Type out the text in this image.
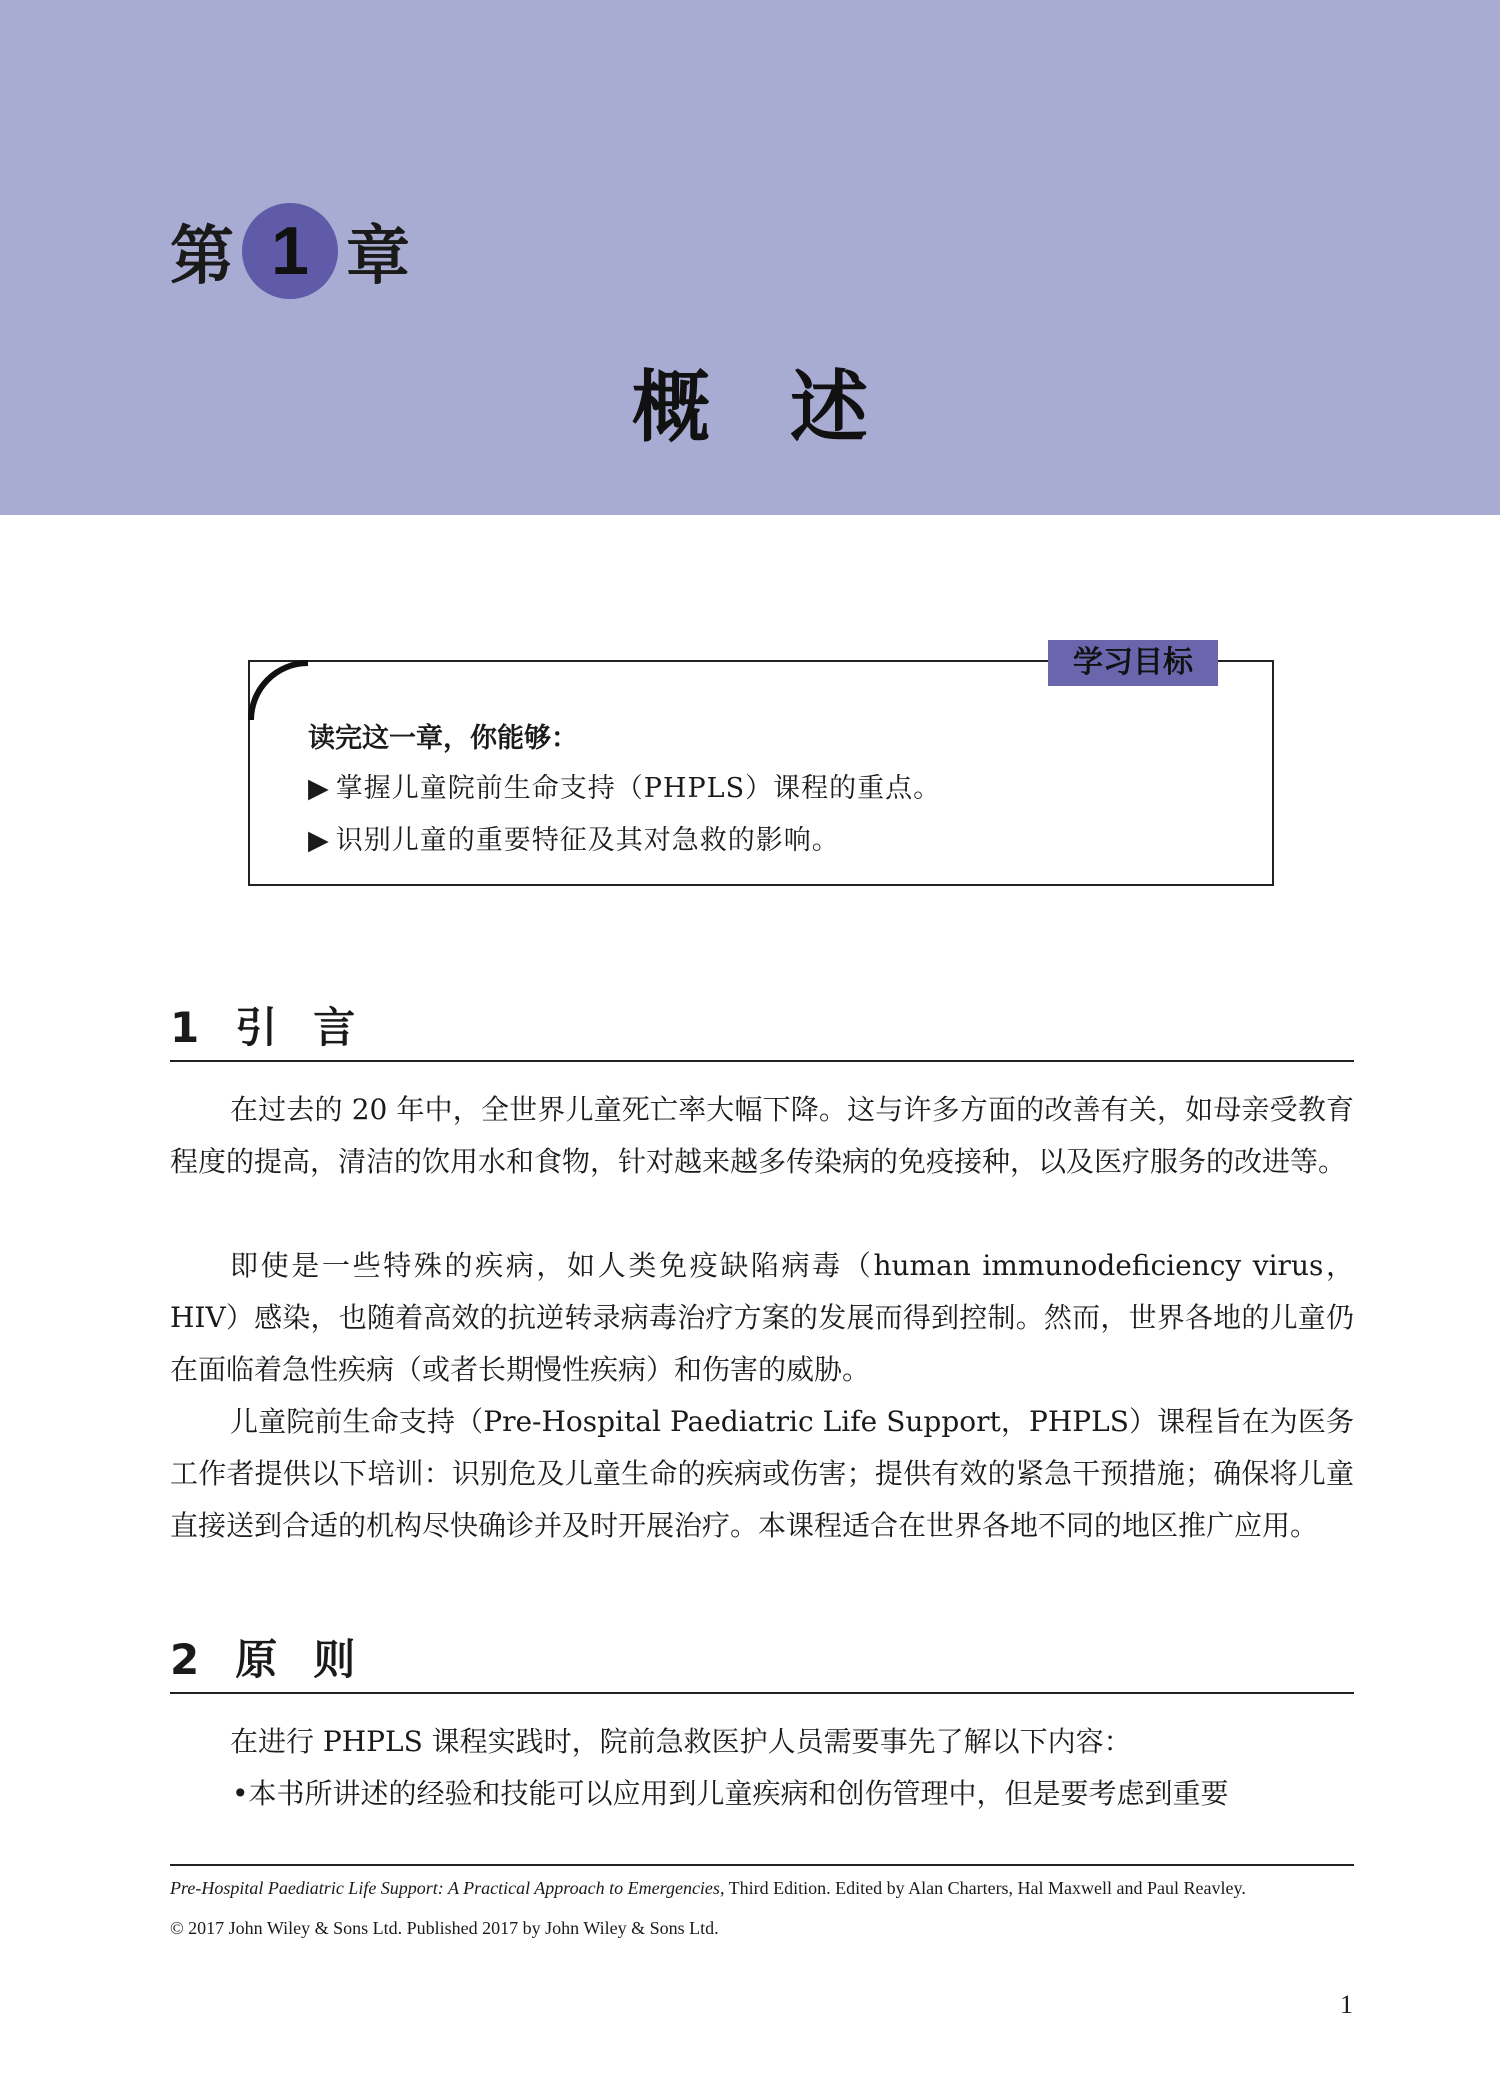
第 1 章
概述
学习目标
读完这一章，你能够：
▶ 掌握儿童院前生命支持（PHPLS）课程的重点。
▶ 识别儿童的重要特征及其对急救的影响。
1 引言
在过去的 20 年中，全世界儿童死亡率大幅下降。这与许多方面的改善有关，如母亲受教育程度的提高，清洁的饮用水和食物，针对越来越多传染病的免疫接种，以及医疗服务的改进等。
即使是一些特殊的疾病，如人类免疫缺陷病毒（human immunodeficiency virus，HIV）感染，也随着高效的抗逆转录病毒治疗方案的发展而得到控制。然而，世界各地的儿童仍在面临着急性疾病（或者长期慢性疾病）和伤害的威胁。
儿童院前生命支持（Pre-Hospital Paediatric Life Support，PHPLS）课程旨在为医务工作者提供以下培训：识别危及儿童生命的疾病或伤害；提供有效的紧急干预措施；确保将儿童直接送到合适的机构尽快确诊并及时开展治疗。本课程适合在世界各地不同的地区推广应用。
2 原则
在进行 PHPLS 课程实践时，院前急救医护人员需要事先了解以下内容：
•本书所讲述的经验和技能可以应用到儿童疾病和创伤管理中，但是要考虑到重要
Pre-Hospital Paediatric Life Support: A Practical Approach to Emergencies, Third Edition. Edited by Alan Charters, Hal Maxwell and Paul Reavley.
© 2017 John Wiley & Sons Ltd. Published 2017 by John Wiley & Sons Ltd.
1
